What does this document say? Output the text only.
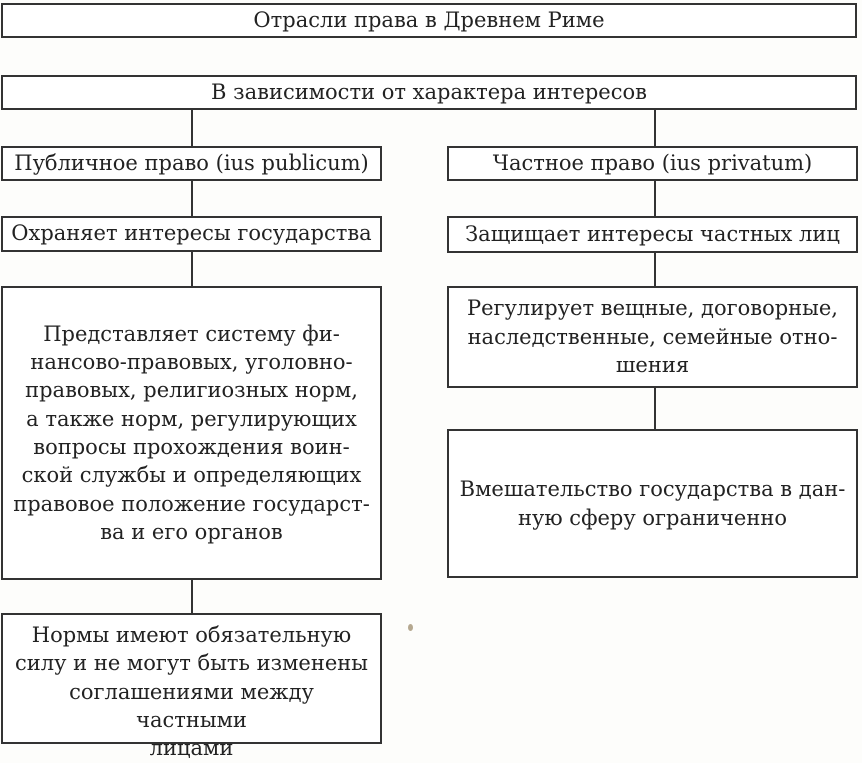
Отрасли права в Древнем Риме
В зависимости от характера интересов
Публичное право (ius publicum)	Частное право (ius privatum)
Охраняет интересы государства	Защищает интересы частных лиц
Представляет систему фи-
нансово-правовых, уголовно-
правовых, религиозных норм,
а также норм, регулирующих
вопросы прохождения воин-
ской службы и определяющих
правовое положение государст-
ва и его органов
Регулирует вещные, договорные,
наследственные, семейные отно-
шения
Вмешательство государства в дан-
ную сферу ограниченно
Нормы имеют обязательную
силу и не могут быть изменены
соглашениями между частными
лицами
